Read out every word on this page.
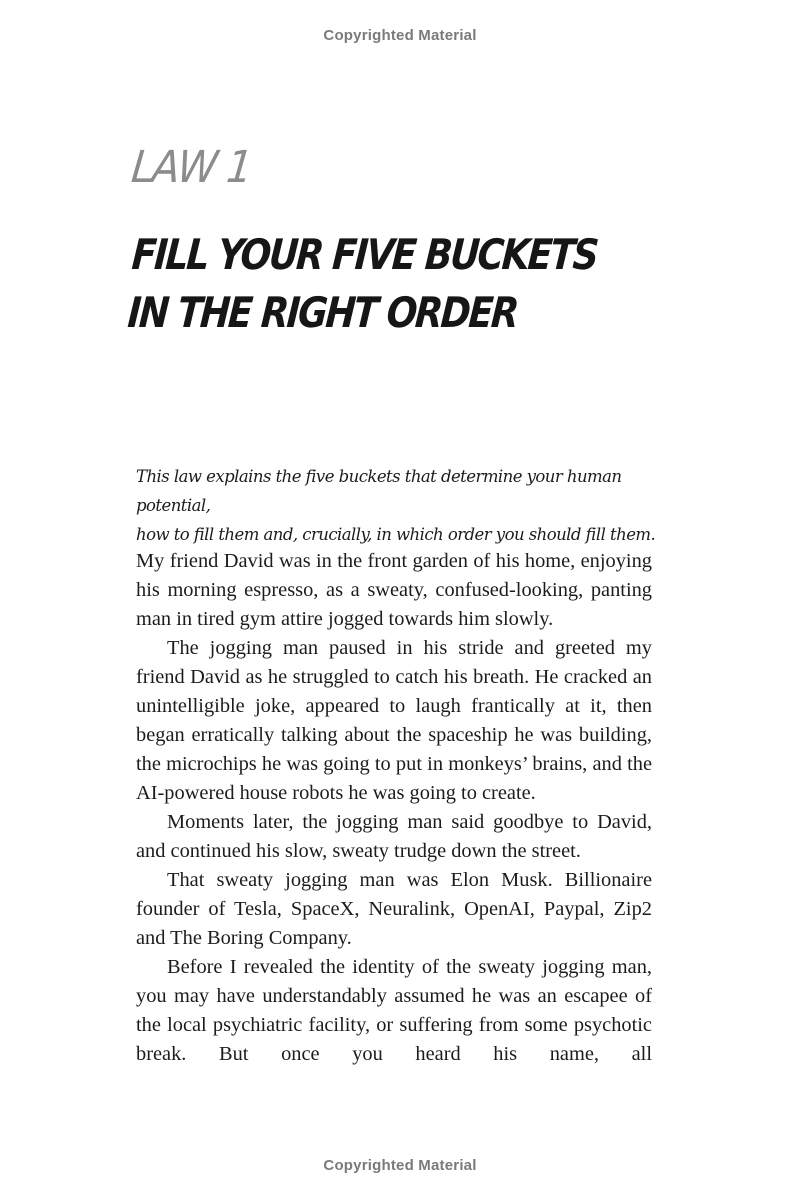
Copyrighted Material
LAW 1
FILL YOUR FIVE BUCKETS
IN THE RIGHT ORDER
This law explains the five buckets that determine your human potential,
how to fill them and, crucially, in which order you should fill them.

My friend David was in the front garden of his home, enjoying his morning espresso, as a sweaty, confused-looking, panting man in tired gym attire jogged towards him slowly.

The jogging man paused in his stride and greeted my friend David as he struggled to catch his breath. He cracked an unintelligible joke, appeared to laugh frantically at it, then began erratically talking about the spaceship he was building, the microchips he was going to put in monkeys’ brains, and the AI-powered house robots he was going to create.

Moments later, the jogging man said goodbye to David, and continued his slow, sweaty trudge down the street.

That sweaty jogging man was Elon Musk. Billionaire founder of Tesla, SpaceX, Neuralink, OpenAI, Paypal, Zip2 and The Boring Company.

Before I revealed the identity of the sweaty jogging man, you may have understandably assumed he was an escapee of the local psychiatric facility, or suffering from some psychotic break. But once you heard his name, all

Copyrighted Material
